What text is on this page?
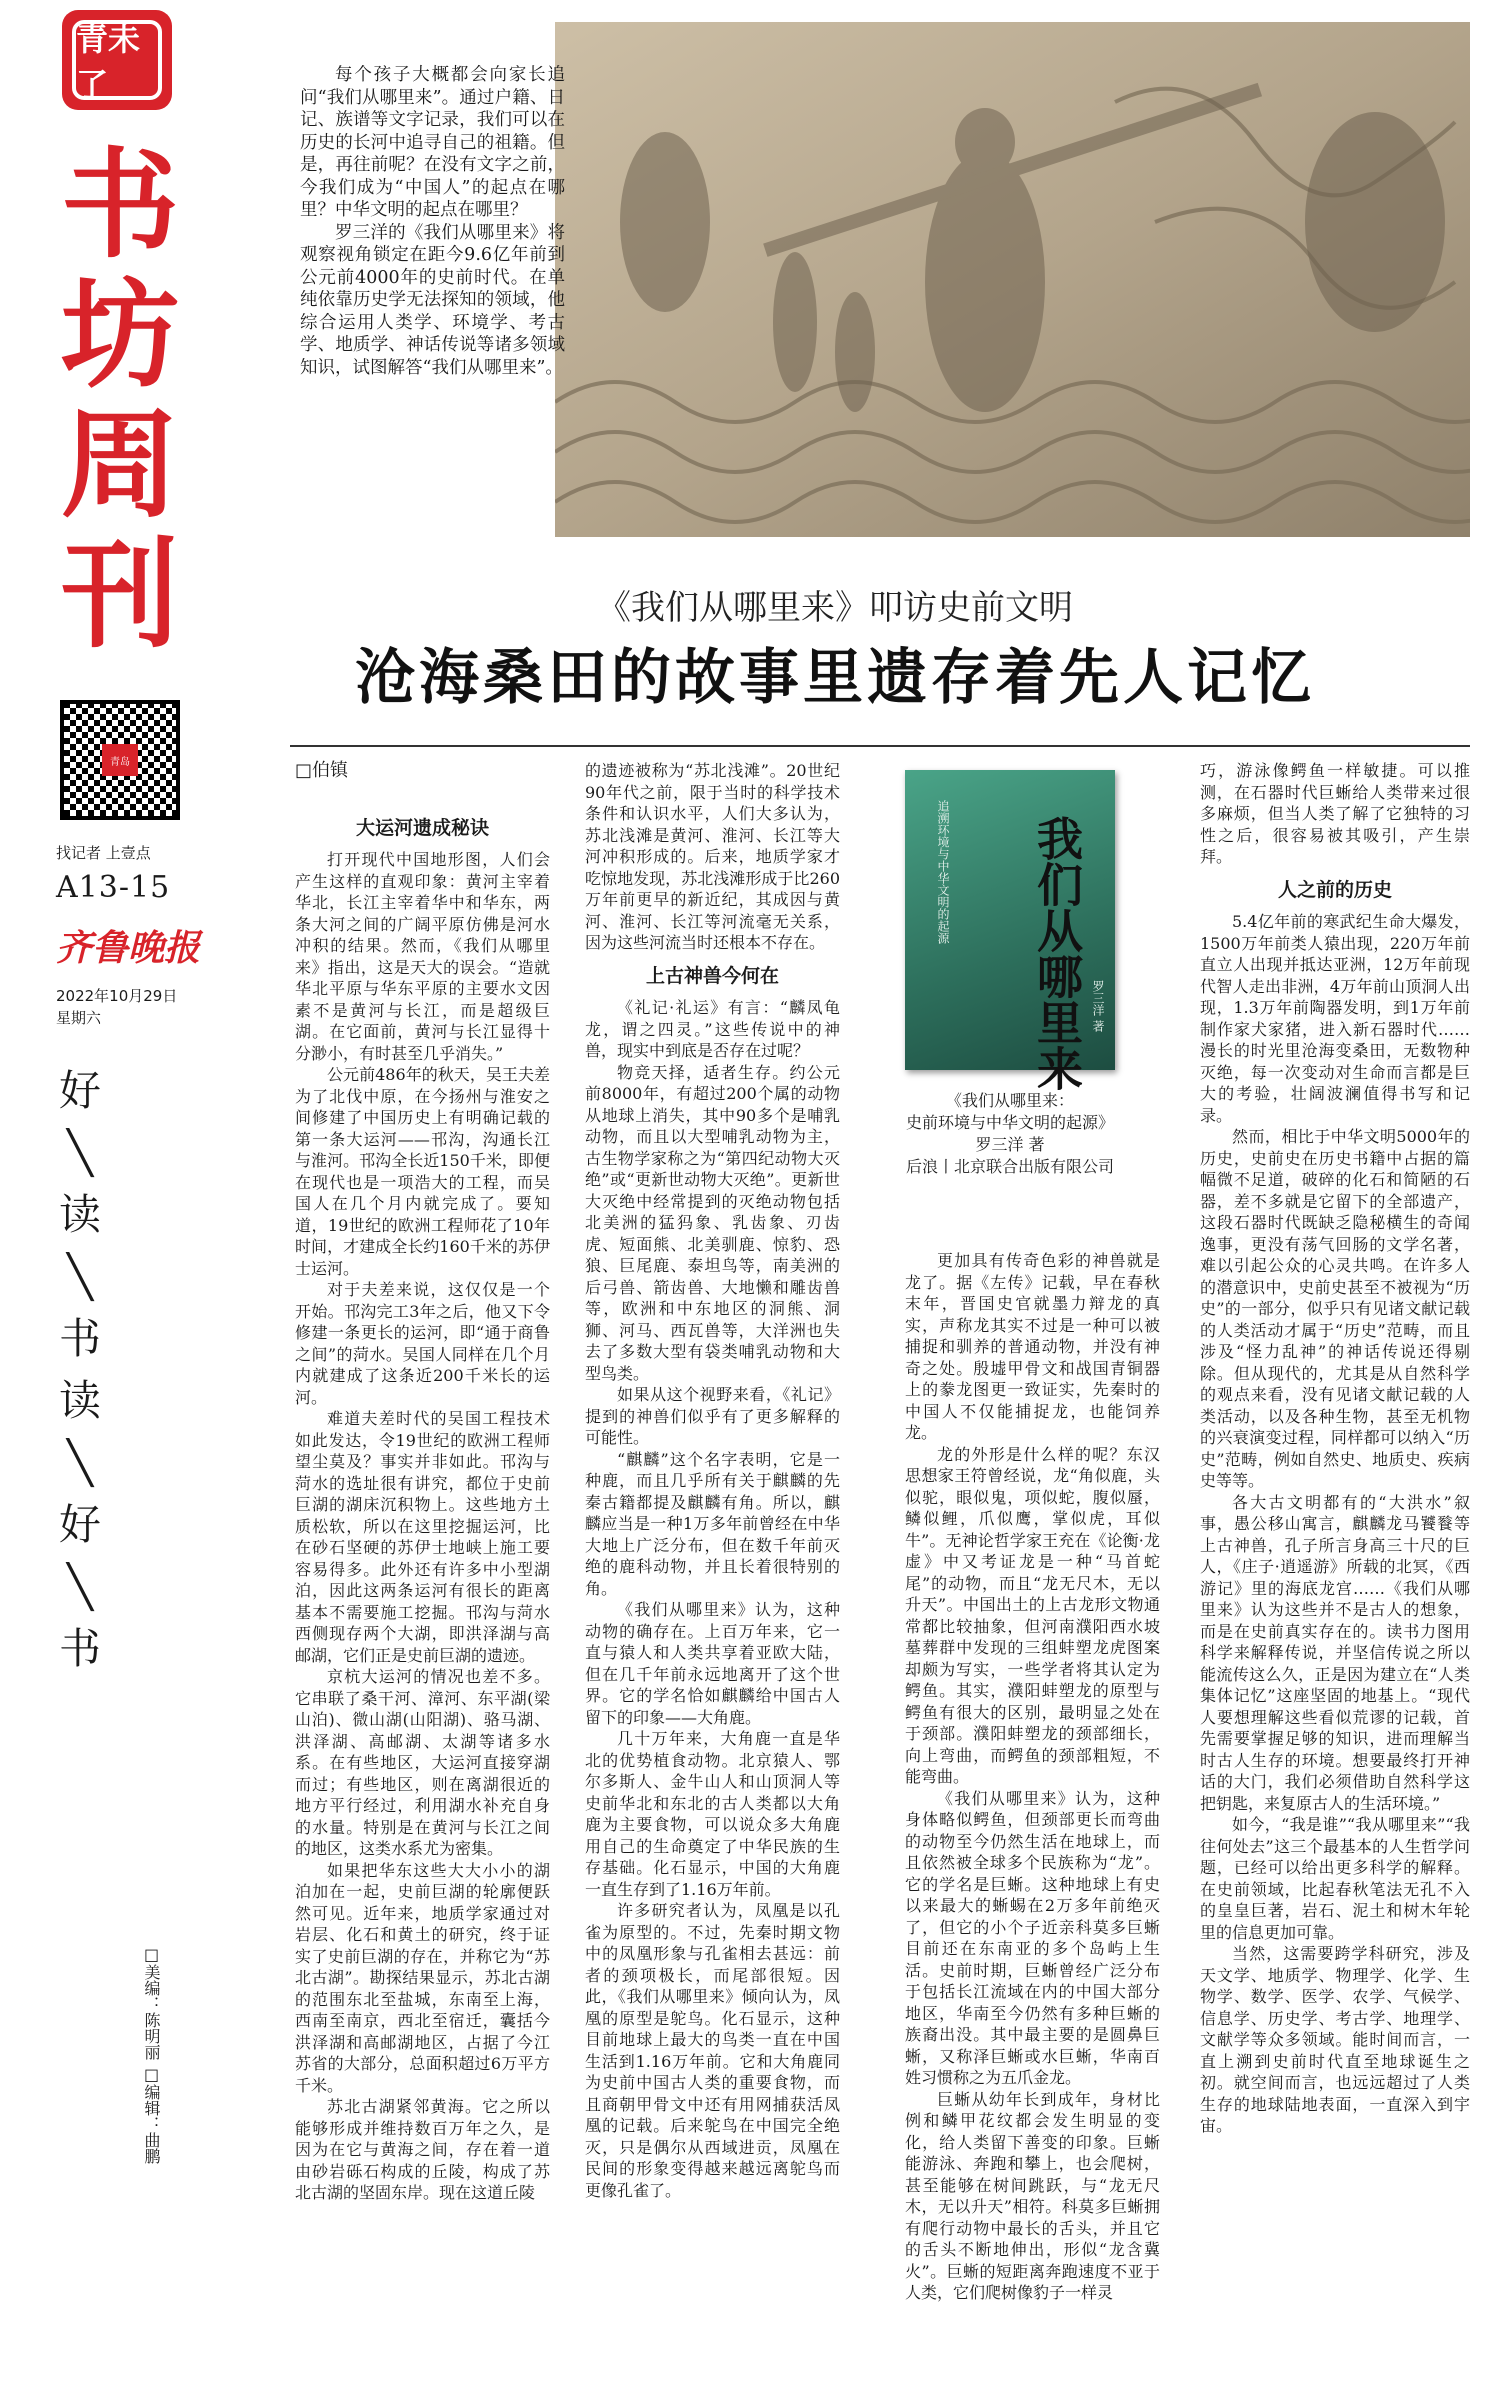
青未了
书
坊
周
刊
青岛
找记者 上壹点
A13-15
齐鲁晚报
2022年10月29日
星期六
好
╲
读
╲
书
读
╲
好
╲
书
□美编：陈明丽 □编辑：曲鹏

每个孩子大概都会向家长追问“我们从哪里来”。通过户籍、日记、族谱等文字记录，我们可以在历史的长河中追寻自己的祖籍。但是，再往前呢？在没有文字之前，今我们成为“中国人”的起点在哪里？中华文明的起点在哪里？

罗三洋的《我们从哪里来》将观察视角锁定在距今9.6亿年前到公元前4000年的史前时代。在单纯依靠历史学无法探知的领域，他综合运用人类学、环境学、考古学、地质学、神话传说等诸多领域知识，试图解答“我们从哪里来”。

《我们从哪里来》叩访史前文明
沧海桑田的故事里遗存着先人记忆

□伯镇

大运河遗成秘诀

打开现代中国地形图，人们会产生这样的直观印象：黄河主宰着华北，长江主宰着华中和华东，两条大河之间的广阔平原仿佛是河水冲积的结果。然而，《我们从哪里来》指出，这是天大的误会。“造就华北平原与华东平原的主要水文因素不是黄河与长江，而是超级巨湖。在它面前，黄河与长江显得十分渺小，有时甚至几乎消失。”

公元前486年的秋天，吴王夫差为了北伐中原，在今扬州与淮安之间修建了中国历史上有明确记载的第一条大运河——邗沟，沟通长江与淮河。邗沟全长近150千米，即便在现代也是一项浩大的工程，而吴国人在几个月内就完成了。要知道，19世纪的欧洲工程师花了10年时间，才建成全长约160千米的苏伊士运河。

对于夫差来说，这仅仅是一个开始。邗沟完工3年之后，他又下令修建一条更长的运河，即“通于商鲁之间”的菏水。吴国人同样在几个月内就建成了这条近200千米长的运河。

难道夫差时代的吴国工程技术如此发达，令19世纪的欧洲工程师望尘莫及？事实并非如此。邗沟与菏水的选址很有讲究，都位于史前巨湖的湖床沉积物上。这些地方土质松软，所以在这里挖掘运河，比在砂石坚硬的苏伊士地峡上施工要容易得多。此外还有许多中小型湖泊，因此这两条运河有很长的距离基本不需要施工挖掘。邗沟与菏水西侧现存两个大湖，即洪泽湖与高邮湖，它们正是史前巨湖的遗迹。

京杭大运河的情况也差不多。它串联了桑干河、漳河、东平湖(梁山泊)、微山湖(山阳湖)、骆马湖、洪泽湖、高邮湖、太湖等诸多水系。在有些地区，大运河直接穿湖而过；有些地区，则在离湖很近的地方平行经过，利用湖水补充自身的水量。特别是在黄河与长江之间的地区，这类水系尤为密集。

如果把华东这些大大小小的湖泊加在一起，史前巨湖的轮廓便跃然可见。近年来，地质学家通过对岩层、化石和黄土的研究，终于证实了史前巨湖的存在，并称它为“苏北古湖”。勘探结果显示，苏北古湖的范围东北至盐城，东南至上海，西南至南京，西北至宿迁，囊括今洪泽湖和高邮湖地区，占据了今江苏省的大部分，总面积超过6万平方千米。

苏北古湖紧邻黄海。它之所以能够形成并维持数百万年之久，是因为在它与黄海之间，存在着一道由砂岩砾石构成的丘陵，构成了苏北古湖的坚固东岸。现在这道丘陵

的遗迹被称为“苏北浅滩”。20世纪90年代之前，限于当时的科学技术条件和认识水平，人们大多认为，苏北浅滩是黄河、淮河、长江等大河冲积形成的。后来，地质学家才吃惊地发现，苏北浅滩形成于比260万年前更早的新近纪，其成因与黄河、淮河、长江等河流毫无关系，因为这些河流当时还根本不存在。

上古神兽今何在

《礼记·礼运》有言：“麟凤龟龙，谓之四灵。”这些传说中的神兽，现实中到底是否存在过呢？

物竞天择，适者生存。约公元前8000年，有超过200个属的动物从地球上消失，其中90多个是哺乳动物，而且以大型哺乳动物为主，古生物学家称之为“第四纪动物大灭绝”或“更新世动物大灭绝”。更新世大灭绝中经常提到的灭绝动物包括北美洲的猛犸象、乳齿象、刃齿虎、短面熊、北美驯鹿、惊豹、恐狼、巨尾鹿、泰坦鸟等，南美洲的后弓兽、箭齿兽、大地懒和雕齿兽等，欧洲和中东地区的洞熊、洞狮、河马、西瓦兽等，大洋洲也失去了多数大型有袋类哺乳动物和大型鸟类。

如果从这个视野来看，《礼记》提到的神兽们似乎有了更多解释的可能性。

“麒麟”这个名字表明，它是一种鹿，而且几乎所有关于麒麟的先秦古籍都提及麒麟有角。所以，麒麟应当是一种1万多年前曾经在中华大地上广泛分布，但在数千年前灭绝的鹿科动物，并且长着很特别的角。

《我们从哪里来》认为，这种动物的确存在。上百万年来，它一直与猿人和人类共享着亚欧大陆，但在几千年前永远地离开了这个世界。它的学名恰如麒麟给中国古人留下的印象——大角鹿。

几十万年来，大角鹿一直是华北的优势植食动物。北京猿人、鄂尔多斯人、金牛山人和山顶洞人等史前华北和东北的古人类都以大角鹿为主要食物，可以说众多大角鹿用自己的生命奠定了中华民族的生存基础。化石显示，中国的大角鹿一直生存到了1.16万年前。

许多研究者认为，凤凰是以孔雀为原型的。不过，先秦时期文物中的凤凰形象与孔雀相去甚远：前者的颈项极长，而尾部很短。因此，《我们从哪里来》倾向认为，凤凰的原型是鸵鸟。化石显示，这种目前地球上最大的鸟类一直在中国生活到1.16万年前。它和大角鹿同为史前中国古人类的重要食物，而且商朝甲骨文中还有用网捕获活凤凰的记载。后来鸵鸟在中国完全绝灭，只是偶尔从西域进贡，凤凰在民间的形象变得越来越远离鸵鸟而更像孔雀了。

追溯环境与中华文明的起源 我们从哪里来 罗三洋 著
《我们从哪里来：
史前环境与中华文明的起源》
罗三洋 著
后浪丨北京联合出版有限公司

更加具有传奇色彩的神兽就是龙了。据《左传》记载，早在春秋末年，晋国史官就墨力辩龙的真实，声称龙其实不过是一种可以被捕捉和驯养的普通动物，并没有神奇之处。殷墟甲骨文和战国青铜器上的豢龙图更一致证实，先秦时的中国人不仅能捕捉龙，也能饲养龙。

龙的外形是什么样的呢？东汉思想家王符曾经说，龙“角似鹿，头似驼，眼似鬼，项似蛇，腹似蜃，鳞似鲤，爪似鹰，掌似虎，耳似牛”。无神论哲学家王充在《论衡·龙虚》中又考证龙是一种“马首蛇尾”的动物，而且“龙无尺木，无以升天”。中国出土的上古龙形文物通常都比较抽象，但河南濮阳西水坡墓葬群中发现的三组蚌塑龙虎图案却颇为写实，一些学者将其认定为鳄鱼。其实，濮阳蚌塑龙的原型与鳄鱼有很大的区别，最明显之处在于颈部。濮阳蚌塑龙的颈部细长，向上弯曲，而鳄鱼的颈部粗短，不能弯曲。

《我们从哪里来》认为，这种身体略似鳄鱼，但颈部更长而弯曲的动物至今仍然生活在地球上，而且依然被全球多个民族称为“龙”。它的学名是巨蜥。这种地球上有史以来最大的蜥蜴在2万多年前绝灭了，但它的小个子近亲科莫多巨蜥目前还在东南亚的多个岛屿上生活。史前时期，巨蜥曾经广泛分布于包括长江流域在内的中国大部分地区，华南至今仍然有多种巨蜥的族裔出没。其中最主要的是圆鼻巨蜥，又称泽巨蜥或水巨蜥，华南百姓习惯称之为五爪金龙。

巨蜥从幼年长到成年，身材比例和鳞甲花纹都会发生明显的变化，给人类留下善变的印象。巨蜥能游泳、奔跑和攀上，也会爬树，甚至能够在树间跳跃，与“龙无尺木，无以升天”相符。科莫多巨蜥拥有爬行动物中最长的舌头，并且它的舌头不断地伸出，形似“龙含冀火”。巨蜥的短距离奔跑速度不亚于人类，它们爬树像豹子一样灵

巧，游泳像鳄鱼一样敏捷。可以推测，在石器时代巨蜥给人类带来过很多麻烦，但当人类了解了它独特的习性之后，很容易被其吸引，产生崇拜。

人之前的历史

5.4亿年前的寒武纪生命大爆发，1500万年前类人猿出现，220万年前直立人出现并抵达亚洲，12万年前现代智人走出非洲，4万年前山顶洞人出现，1.3万年前陶器发明，到1万年前制作家犬家猪，进入新石器时代……漫长的时光里沧海变桑田，无数物种灭绝，每一次变动对生命而言都是巨大的考验，壮阔波澜值得书写和记录。

然而，相比于中华文明5000年的历史，史前史在历史书籍中占据的篇幅微不足道，破碎的化石和简陋的石器，差不多就是它留下的全部遗产，这段石器时代既缺乏隐秘横生的奇闻逸事，更没有荡气回肠的文学名著，难以引起公众的心灵共鸣。在许多人的潜意识中，史前史甚至不被视为“历史”的一部分，似乎只有见诸文献记载的人类活动才属于“历史”范畴，而且涉及“怪力乱神”的神话传说还得剔除。但从现代的，尤其是从自然科学的观点来看，没有见诸文献记载的人类活动，以及各种生物，甚至无机物的兴衰演变过程，同样都可以纳入“历史”范畴，例如自然史、地质史、疾病史等等。

各大古文明都有的“大洪水”叙事，愚公移山寓言，麒麟龙马饕餮等上古神兽，孔子所言身高三十尺的巨人，《庄子·逍遥游》所载的北冥，《西游记》里的海底龙宫……《我们从哪里来》认为这些并不是古人的想象，而是在史前真实存在的。读书力图用科学来解释传说，并坚信传说之所以能流传这么久，正是因为建立在“人类集体记忆”这座坚固的地基上。“现代人要想理解这些看似荒谬的记载，首先需要掌握足够的知识，进而理解当时古人生存的环境。想要最终打开神话的大门，我们必须借助自然科学这把钥匙，来复原古人的生活环境。”

如今，“我是谁”“我从哪里来”“我往何处去”这三个最基本的人生哲学问题，已经可以给出更多科学的解释。在史前领域，比起春秋笔法无孔不入的皇皇巨著，岩石、泥土和树木年轮里的信息更加可靠。

当然，这需要跨学科研究，涉及天文学、地质学、物理学、化学、生物学、数学、医学、农学、气候学、信息学、历史学、考古学、地理学、文献学等众多领域。能时间而言，一直上溯到史前时代直至地球诞生之初。就空间而言，也远远超过了人类生存的地球陆地表面，一直深入到宇宙。
